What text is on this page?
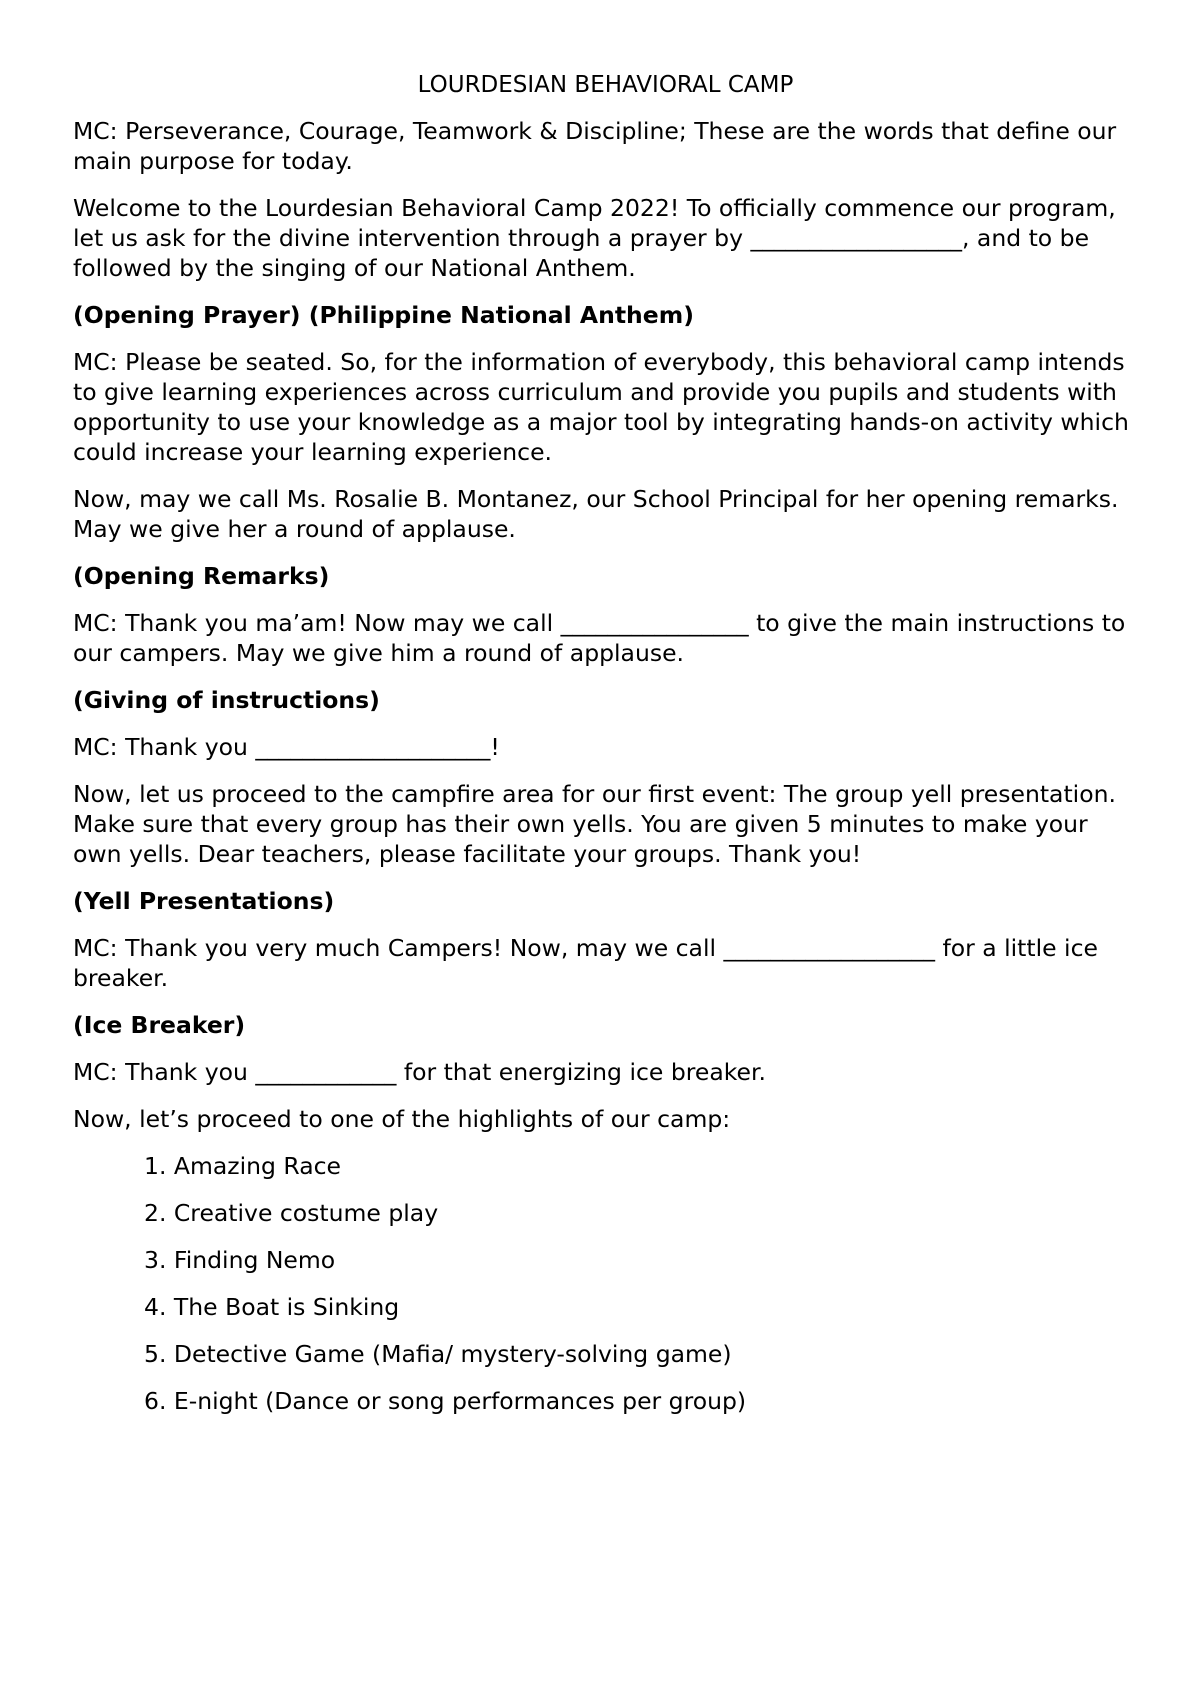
LOURDESIAN BEHAVIORAL CAMP

MC: Perseverance, Courage, Teamwork & Discipline; These are the words that define our main purpose for today.

Welcome to the Lourdesian Behavioral Camp 2022! To officially commence our program, let us ask for the divine intervention through a prayer by __________________, and to be followed by the singing of our National Anthem.

(Opening Prayer) (Philippine National Anthem)

MC: Please be seated. So, for the information of everybody, this behavioral camp intends to give learning experiences across curriculum and provide you pupils and students with opportunity to use your knowledge as a major tool by integrating hands-on activity which could increase your learning experience.

Now, may we call Ms. Rosalie B. Montanez, our School Principal for her opening remarks. May we give her a round of applause.

(Opening Remarks)

MC: Thank you ma’am! Now may we call ________________ to give the main instructions to our campers. May we give him a round of applause.

(Giving of instructions)

MC: Thank you ____________________!

Now, let us proceed to the campfire area for our first event: The group yell presentation. Make sure that every group has their own yells. You are given 5 minutes to make your own yells. Dear teachers, please facilitate your groups. Thank you!

(Yell Presentations)

MC: Thank you very much Campers! Now, may we call __________________ for a little ice breaker.

(Ice Breaker)

MC: Thank you ____________ for that energizing ice breaker.

Now, let’s proceed to one of the highlights of our camp:

1. Amazing Race
2. Creative costume play
3. Finding Nemo
4. The Boat is Sinking
5. Detective Game (Mafia/ mystery-solving game)
6. E-night (Dance or song performances per group)
